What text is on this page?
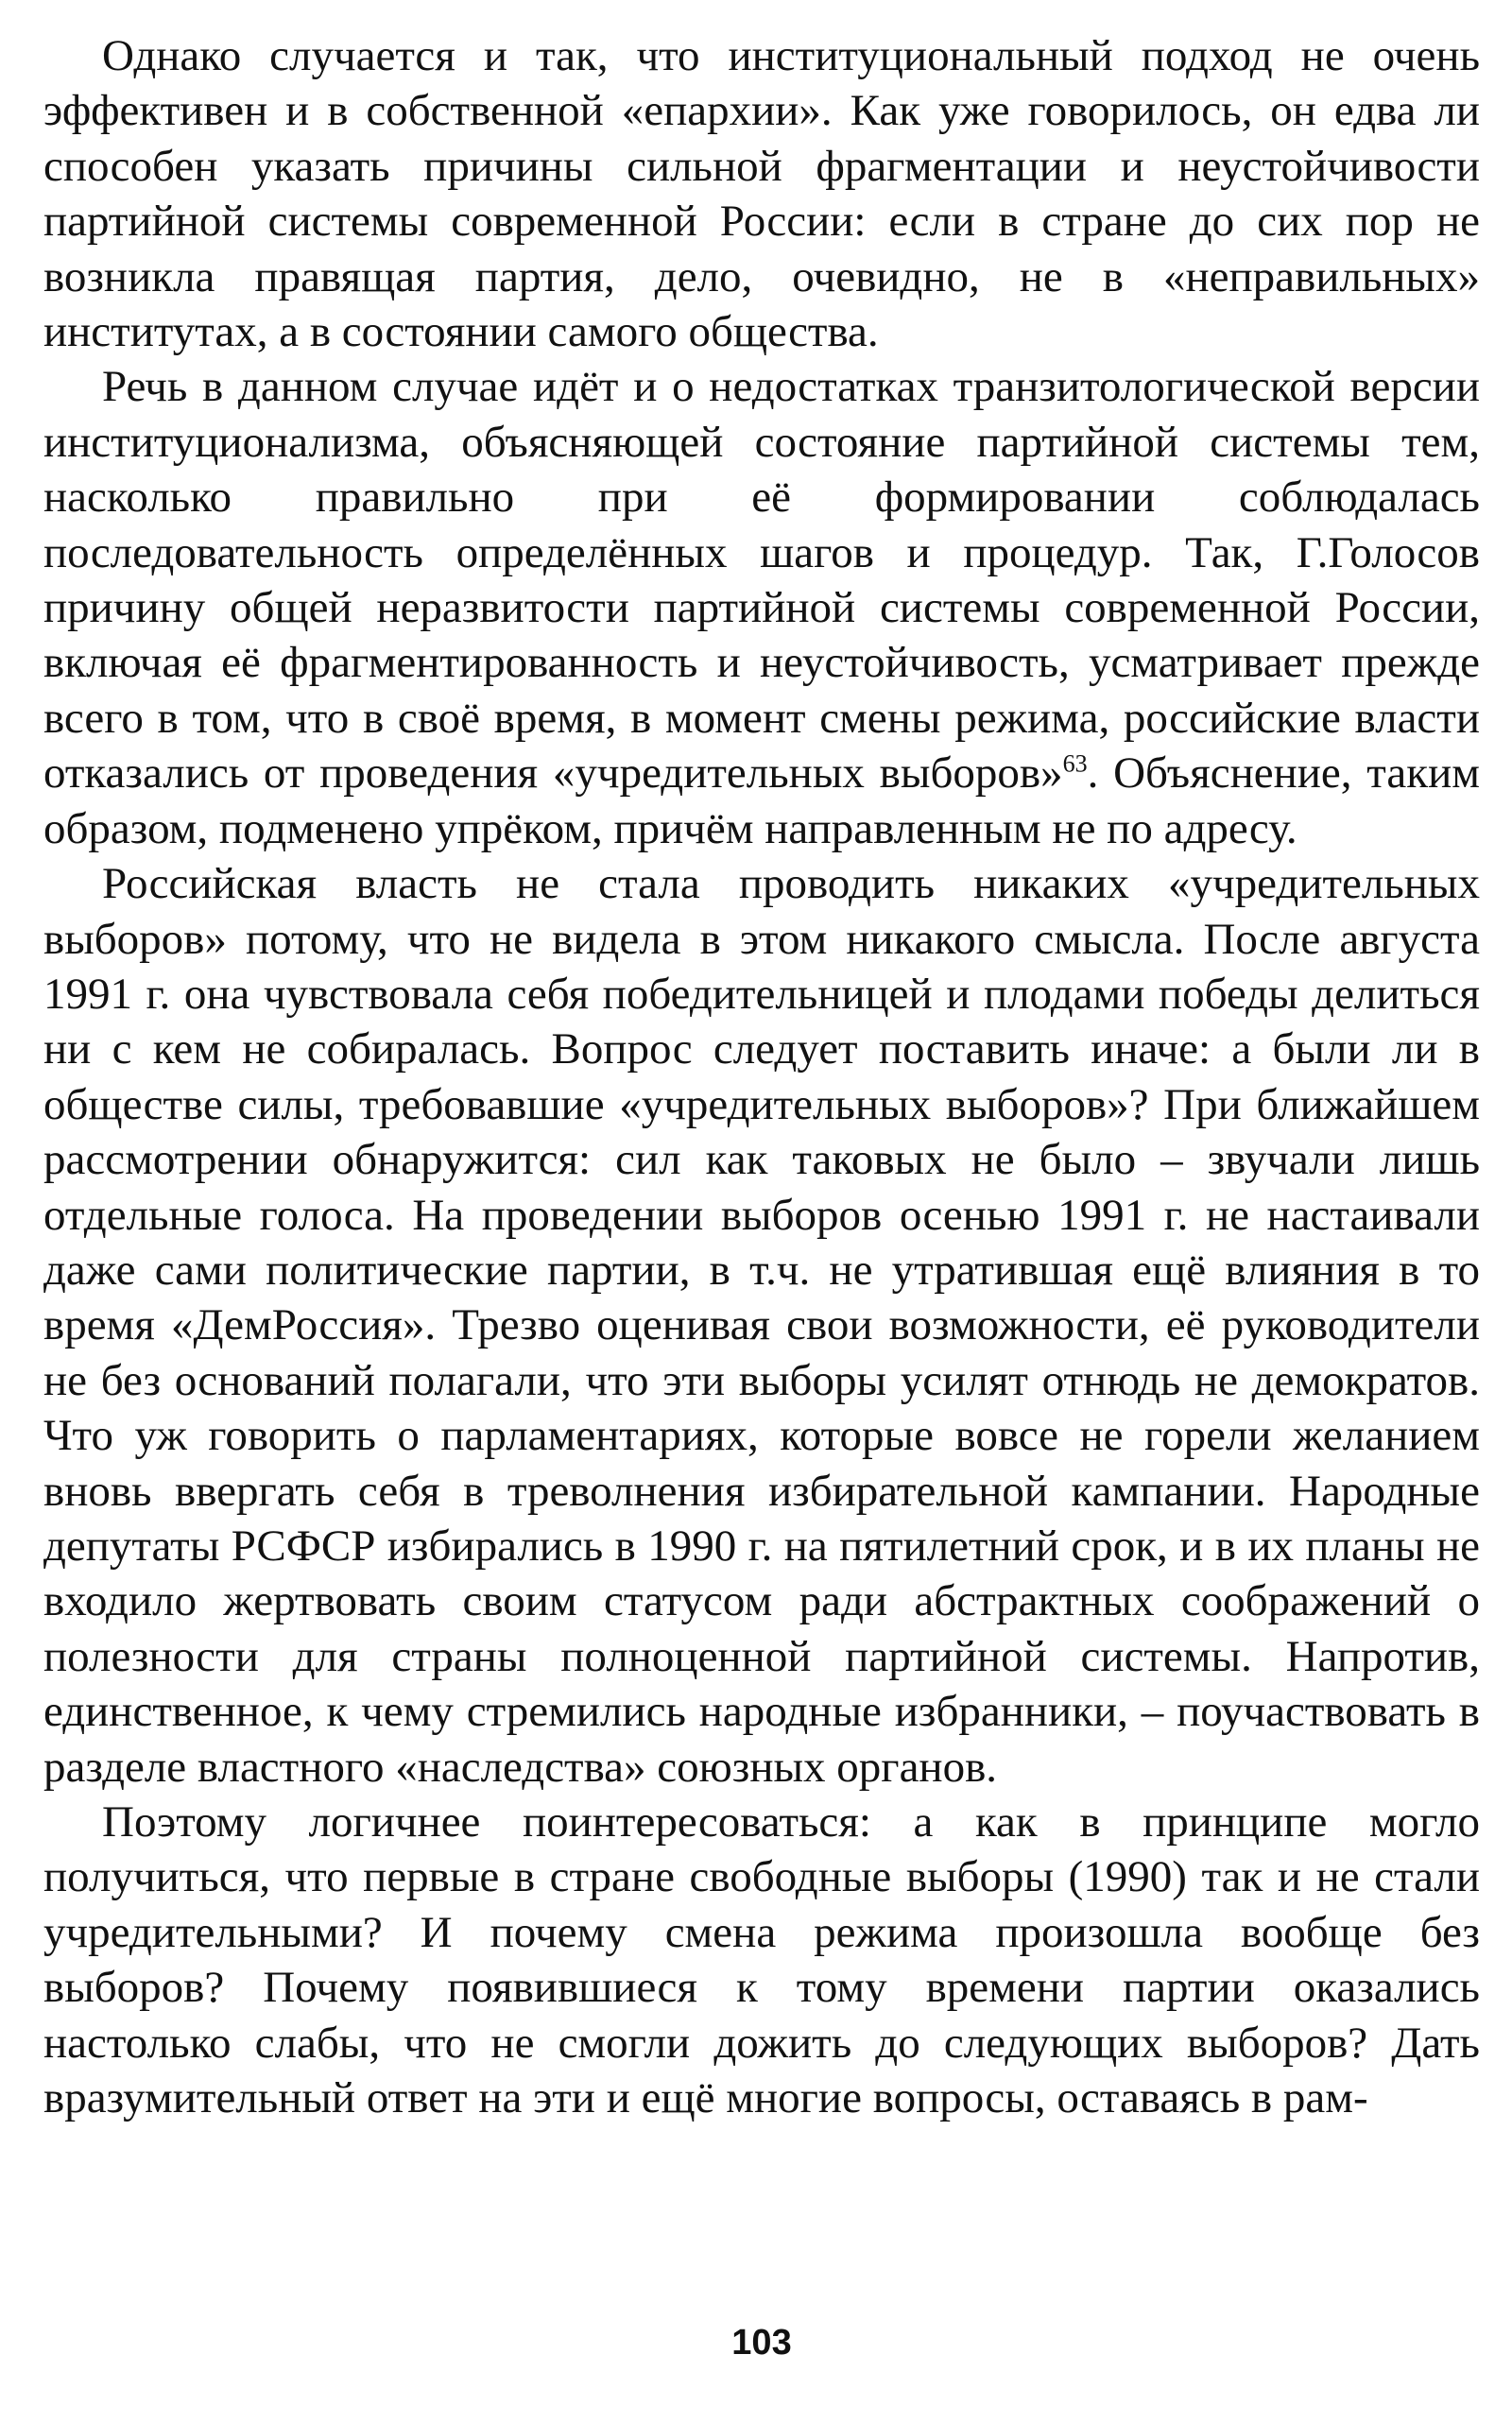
Однако случается и так, что институциональный подход не очень эффективен и в собственной «епархии». Как уже говорилось, он едва ли способен указать причины сильной фрагментации и неустойчивости партийной системы современной России: если в стране до сих пор не возникла правящая партия, дело, очевидно, не в «неправильных» институтах, а в состоянии самого общества.

Речь в данном случае идёт и о недостатках транзитологической версии институционализма, объясняющей состояние партийной системы тем, насколько правильно при её формировании соблюдалась последовательность определённых шагов и процедур. Так, Г.Голосов причину общей неразвитости партийной системы современной России, включая её фрагментированность и неустойчивость, усматривает прежде всего в том, что в своё время, в момент смены режима, российские власти отказались от проведения «учредительных выборов»$^{63}$. Объяснение, таким образом, подменено упрёком, причём направленным не по адресу.

Российская власть не стала проводить никаких «учредительных выборов» потому, что не видела в этом никакого смысла. После августа 1991 г. она чувствовала себя победительницей и плодами победы делиться ни с кем не собиралась. Вопрос следует поставить иначе: а были ли в обществе силы, требовавшие «учредительных выборов»? При ближайшем рассмотрении обнаружится: сил как таковых не было – звучали лишь отдельные голоса. На проведении выборов осенью 1991 г. не настаивали даже сами политические партии, в т.ч. не утратившая ещё влияния в то время «ДемРоссия». Трезво оценивая свои возможности, её руководители не без оснований полагали, что эти выборы усилят отнюдь не демократов. Что уж говорить о парламентариях, которые вовсе не горели желанием вновь ввергать себя в треволнения избирательной кампании. Народные депутаты РСФСР избирались в 1990 г. на пятилетний срок, и в их планы не входило жертвовать своим статусом ради абстрактных соображений о полезности для страны полноценной партийной системы. Напротив, единственное, к чему стремились народные избранники, – поучаствовать в разделе властного «наследства» союзных органов.

Поэтому логичнее поинтересоваться: а как в принципе могло получиться, что первые в стране свободные выборы (1990) так и не стали учредительными? И почему смена режима произошла вообще без выборов? Почему появившиеся к тому времени партии оказались настолько слабы, что не смогли дожить до следующих выборов? Дать вразумительный ответ на эти и ещё многие вопросы, оставаясь в рам-

103
